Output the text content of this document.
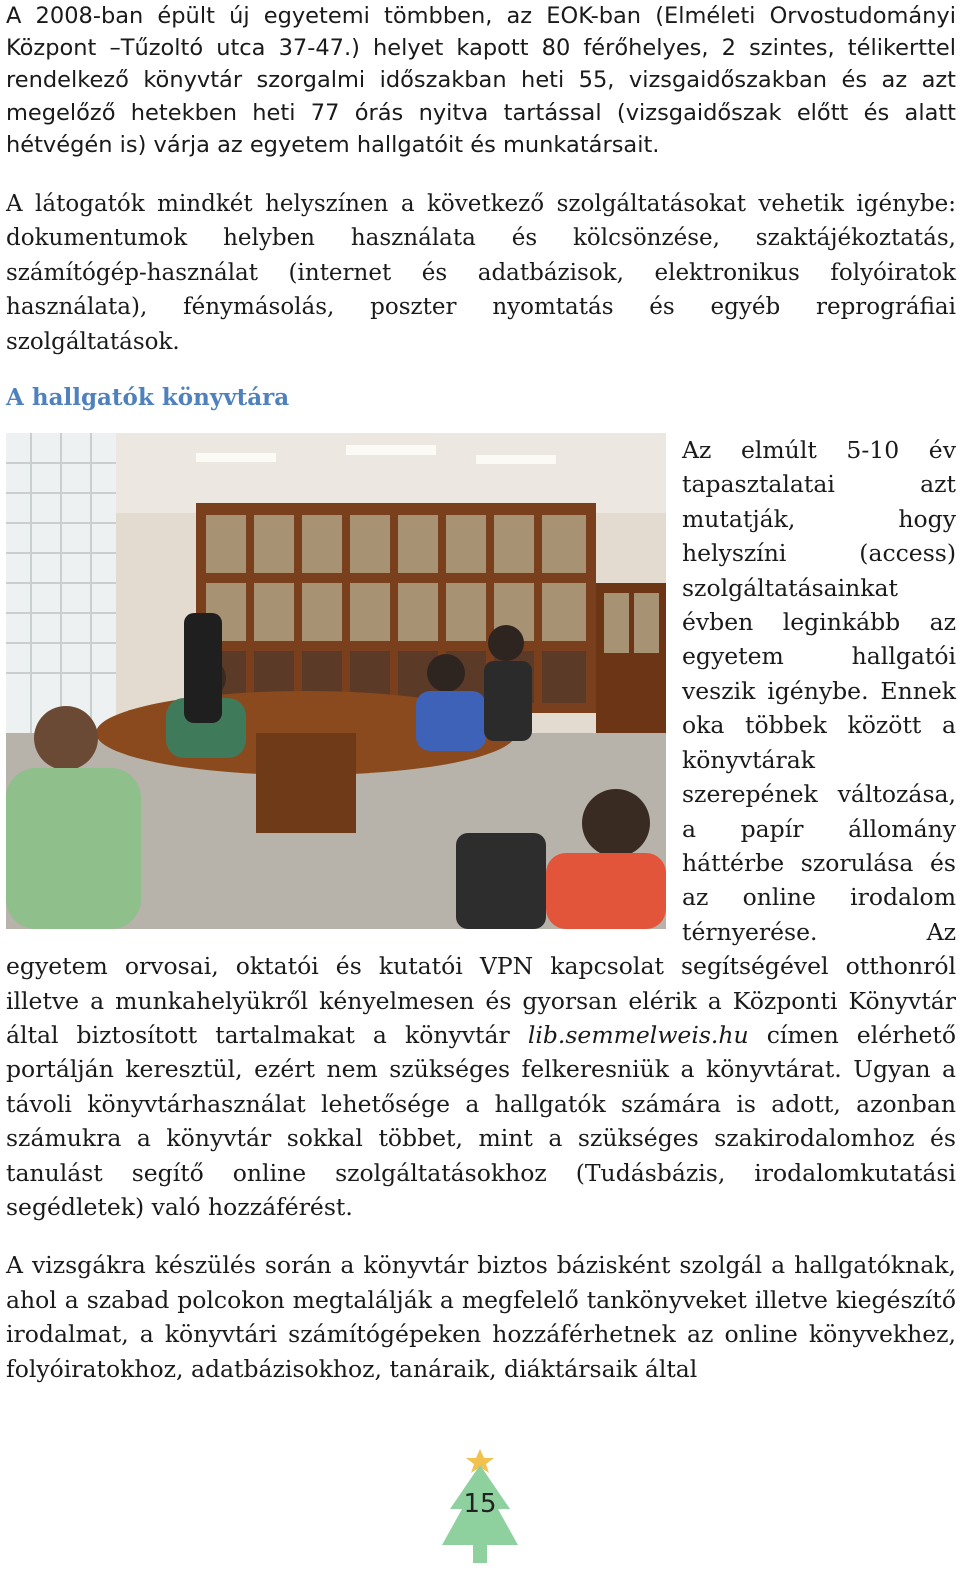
A 2008-ban épült új egyetemi tömbben, az EOK-ban (Elméleti Orvostudományi Központ –Tűzoltó utca 37-47.) helyet kapott 80 férőhelyes, 2 szintes, télikerttel rendelkező könyvtár szorgalmi időszakban heti 55, vizsgaidőszakban és az azt megelőző hetekben heti 77 órás nyitva tartással (vizsgaidőszak előtt és alatt hétvégén is) várja az egyetem hallgatóit és munkatársait.

A látogatók mindkét helyszínen a következő szolgáltatásokat vehetik igénybe: dokumentumok helyben használata és kölcsönzése, szaktájékoztatás, számítógép-használat (internet és adatbázisok, elektronikus folyóiratok használata), fénymásolás, poszter nyomtatás és egyéb reprográfiai szolgáltatások.

A hallgatók könyvtára

Az elmúlt 5-10 év tapasztalatai azt mutatják, hogy helyszíni (access) szolgáltatásainkat évben leginkább az egyetem hallgatói veszik igénybe. Ennek oka többek között a könyvtárak szerepének változása, a papír állomány háttérbe szorulása és az online irodalom térnyerése. Az egyetem orvosai, oktatói és kutatói VPN kapcsolat segítségével otthonról illetve a munkahelyükről kényelmesen és gyorsan elérik a Központi Könyvtár által biztosított tartalmakat a könyvtár lib.semmelweis.hu címen elérhető portálján keresztül, ezért nem szükséges felkeresniük a könyvtárat. Ugyan a távoli könyvtárhasználat lehetősége a hallgatók számára is adott, azonban számukra a könyvtár sokkal többet, mint a szükséges szakirodalomhoz és tanulást segítő online szolgáltatásokhoz (Tudásbázis, irodalomkutatási segédletek) való hozzáférést.

A vizsgákra készülés során a könyvtár biztos bázisként szolgál a hallgatóknak, ahol a szabad polcokon megtalálják a megfelelő tankönyveket illetve kiegészítő irodalmat, a könyvtári számítógépeken hozzáférhetnek az online könyvekhez, folyóiratokhoz, adatbázisokhoz, tanáraik, diáktársaik által

15
